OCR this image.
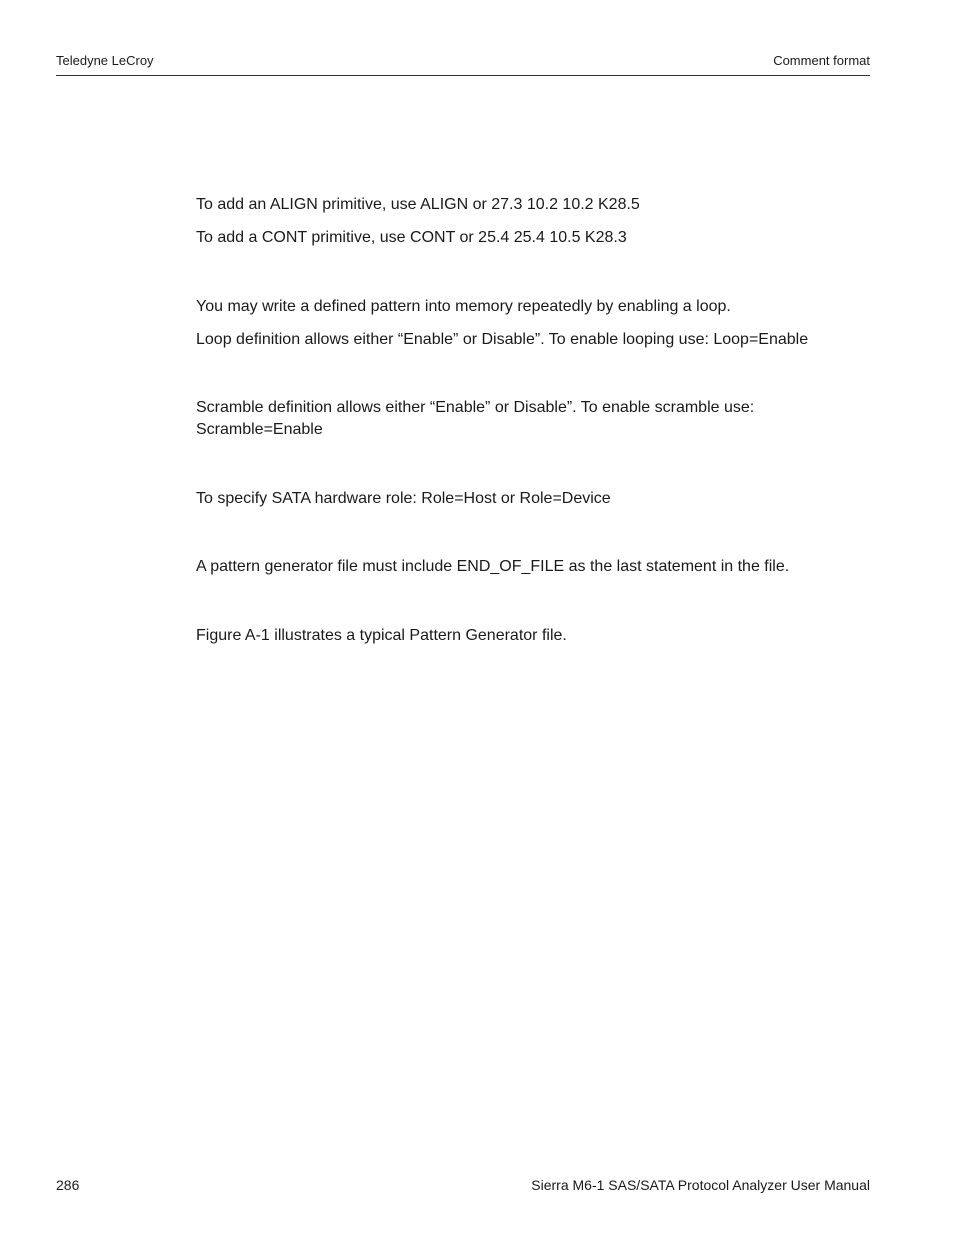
Teledyne LeCroy	Comment format

To add an ALIGN primitive, use ALIGN or 27.3 10.2 10.2 K28.5

To add a CONT primitive, use CONT or 25.4 25.4 10.5 K28.3

You may write a defined pattern into memory repeatedly by enabling a loop.

Loop definition allows either “Enable” or Disable”. To enable looping use: Loop=Enable

Scramble definition allows either “Enable” or Disable”. To enable scramble use: Scramble=Enable

To specify SATA hardware role: Role=Host or Role=Device

A pattern generator file must include END_OF_FILE as the last statement in the file.

Figure A-1 illustrates a typical Pattern Generator file.

286	Sierra M6-1 SAS/SATA Protocol Analyzer User Manual
